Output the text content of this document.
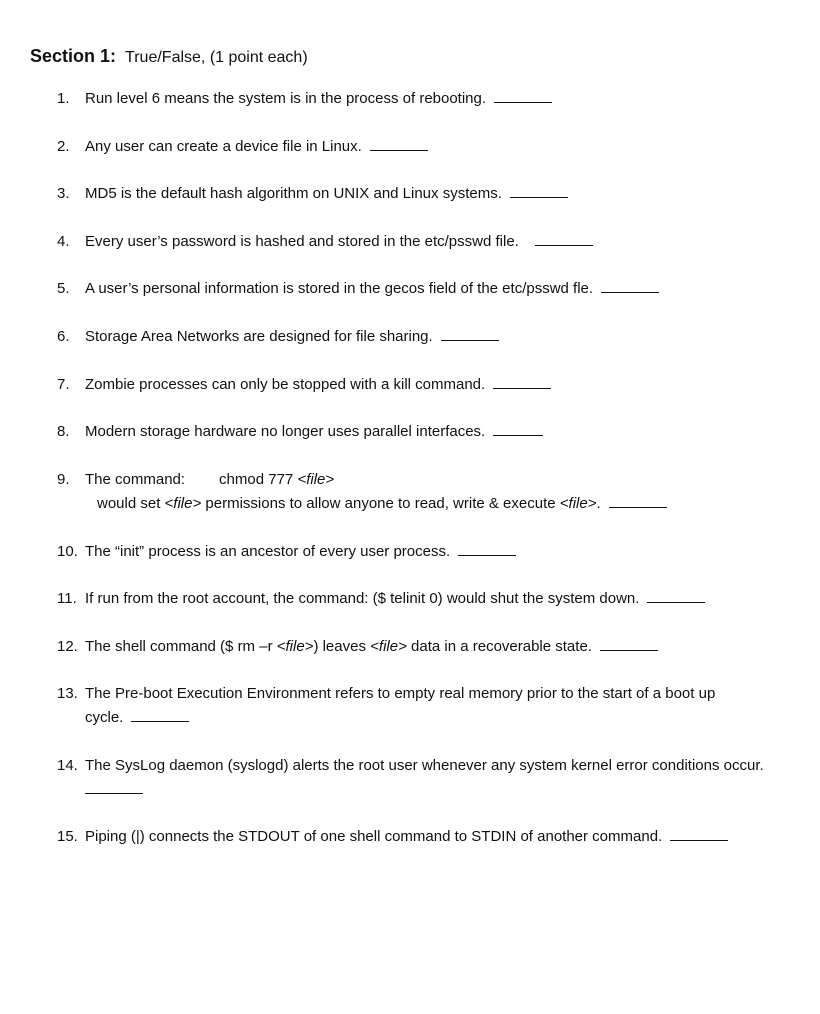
Section 1: True/False, (1 point each)
1. Run level 6 means the system is in the process of rebooting.
2. Any user can create a device file in Linux.
3. MD5 is the default hash algorithm on UNIX and Linux systems.
4. Every user’s password is hashed and stored in the etc/psswd file.
5. A user’s personal information is stored in the gecos field of the etc/psswd fle.
6. Storage Area Networks are designed for file sharing.
7. Zombie processes can only be stopped with a kill command.
8. Modern storage hardware no longer uses parallel interfaces.
9. The command: chmod 777 <file>
would set <file> permissions to allow anyone to read, write & execute <file>.
10. The “init” process is an ancestor of every user process.
11. If run from the root account, the command: ($ telinit 0) would shut the system down.
12. The shell command ($ rm –r <file>) leaves <file> data in a recoverable state.
13. The Pre-boot Execution Environment refers to empty real memory prior to the start of a boot up
cycle.
14. The SysLog daemon (syslogd) alerts the root user whenever any system kernel error conditions occur.
15. Piping (|) connects the STDOUT of one shell command to STDIN of another command.
